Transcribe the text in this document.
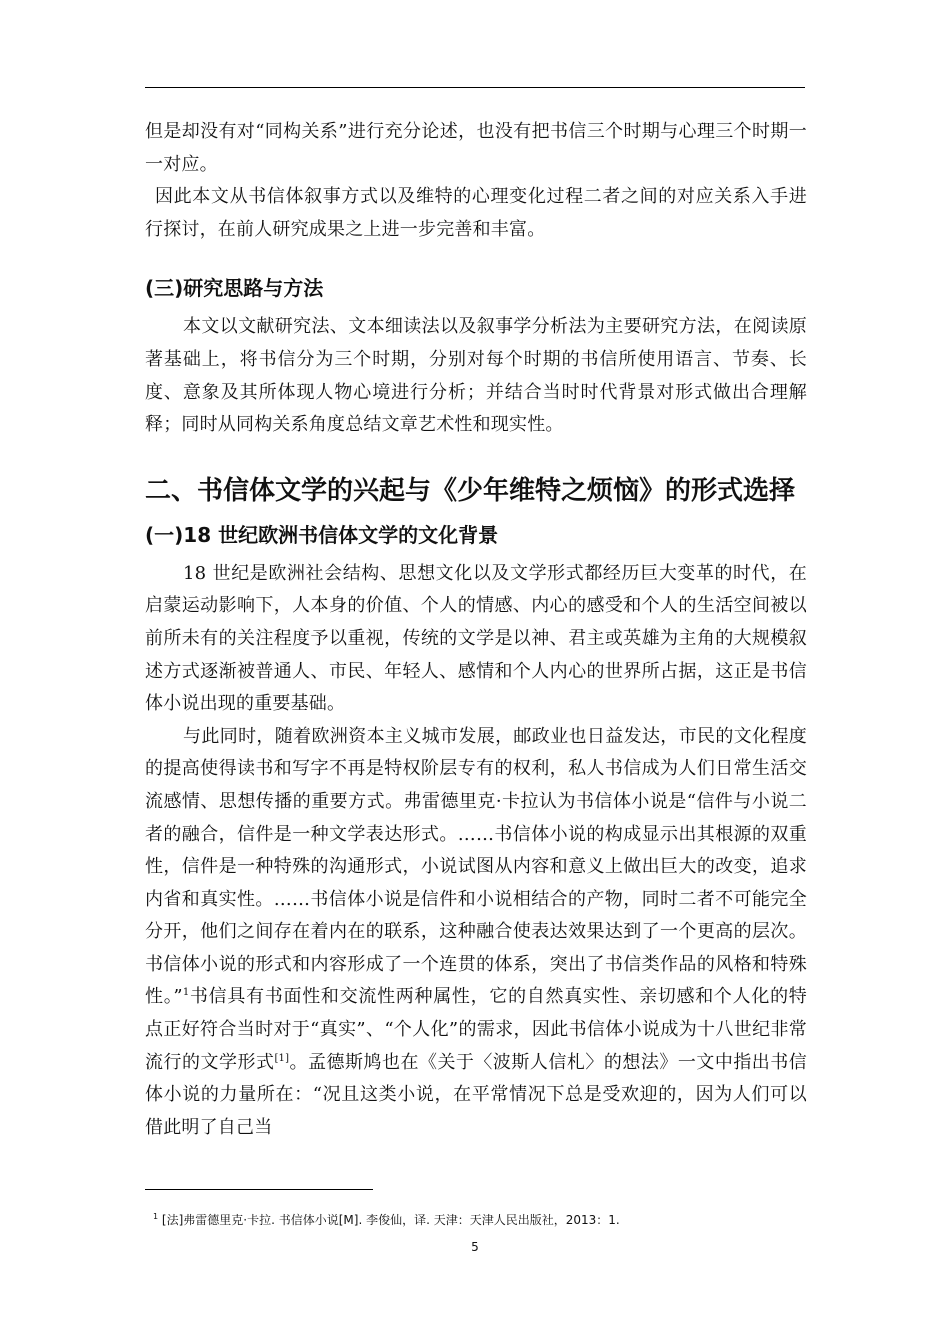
但是却没有对“同构关系”进行充分论述，也没有把书信三个时期与心理三个时期一一对应。

因此本文从书信体叙事方式以及维特的心理变化过程二者之间的对应关系入手进行探讨，在前人研究成果之上进一步完善和丰富。

(三)研究思路与方法

本文以文献研究法、文本细读法以及叙事学分析法为主要研究方法，在阅读原著基础上，将书信分为三个时期，分别对每个时期的书信所使用语言、节奏、长度、意象及其所体现人物心境进行分析；并结合当时时代背景对形式做出合理解释；同时从同构关系角度总结文章艺术性和现实性。

二、书信体文学的兴起与《少年维特之烦恼》的形式选择
(一)18 世纪欧洲书信体文学的文化背景

18 世纪是欧洲社会结构、思想文化以及文学形式都经历巨大变革的时代，在启蒙运动影响下，人本身的价值、个人的情感、内心的感受和个人的生活空间被以前所未有的关注程度予以重视，传统的文学是以神、君主或英雄为主角的大规模叙述方式逐渐被普通人、市民、年轻人、感情和个人内心的世界所占据，这正是书信体小说出现的重要基础。

与此同时，随着欧洲资本主义城市发展，邮政业也日益发达，市民的文化程度的提高使得读书和写字不再是特权阶层专有的权利，私人书信成为人们日常生活交流感情、思想传播的重要方式。弗雷德里克·卡拉认为书信体小说是“信件与小说二者的融合，信件是一种文学表达形式。……书信体小说的构成显示出其根源的双重性，信件是一种特殊的沟通形式，小说试图从内容和意义上做出巨大的改变，追求内省和真实性。……书信体小说是信件和小说相结合的产物，同时二者不可能完全分开，他们之间存在着内在的联系，这种融合使表达效果达到了一个更高的层次。书信体小说的形式和内容形成了一个连贯的体系，突出了书信类作品的风格和特殊性。”$^1$书信具有书面性和交流性两种属性，它的自然真实性、亲切感和个人化的特点正好符合当时对于“真实”、“个人化”的需求，因此书信体小说成为十八世纪非常流行的文学形式[1]。孟德斯鸠也在《关于〈波斯人信札〉的想法》一文中指出书信体小说的力量所在：“况且这类小说，在平常情况下总是受欢迎的，因为人们可以借此明了自己当

$^1$ [法]弗雷德里克·卡拉. 书信体小说[M]. 李俊仙，译. 天津：天津人民出版社，2013：1.
5
